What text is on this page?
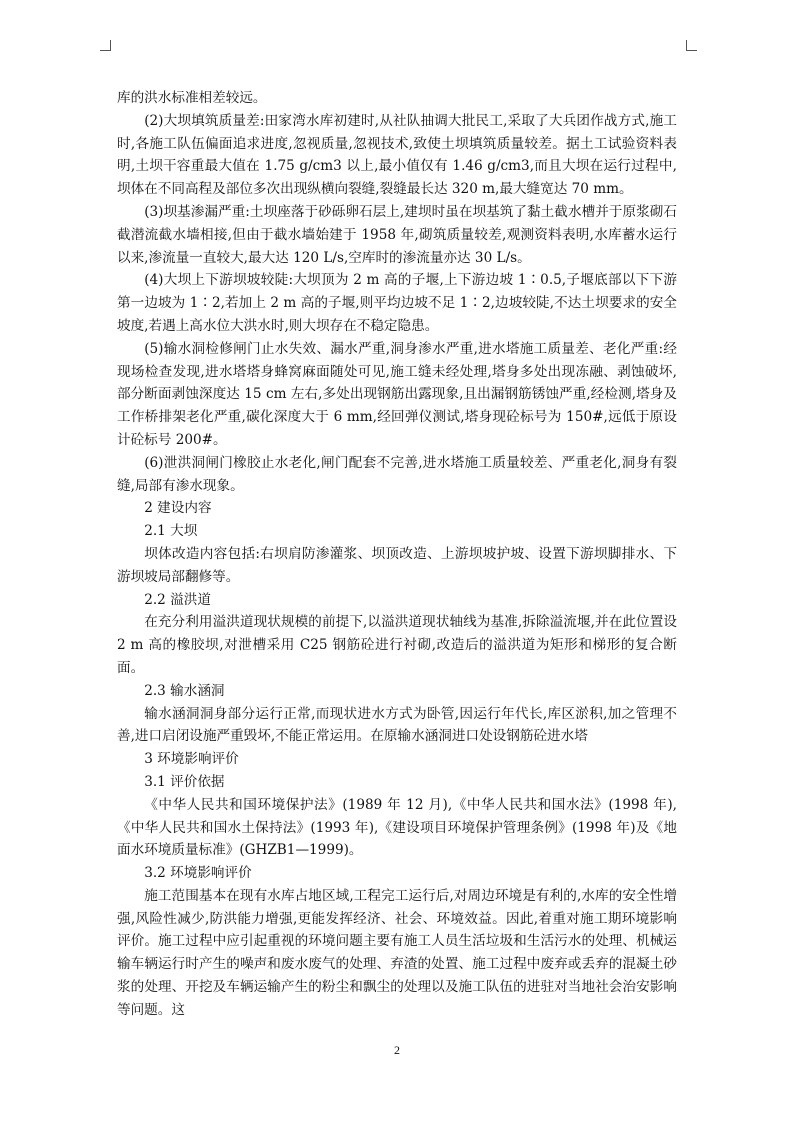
库的洪水标准相差较远。

(2)大坝填筑质量差:田家湾水库初建时,从社队抽调大批民工,采取了大兵团作战方式,施工时,各施工队伍偏面追求进度,忽视质量,忽视技术,致使土坝填筑质量较差。据土工试验资料表明,土坝干容重最大值在 1.75 g/cm3 以上,最小值仅有 1.46 g/cm3,而且大坝在运行过程中,坝体在不同高程及部位多次出现纵横向裂缝,裂缝最长达 320 m,最大缝宽达 70 mm。

(3)坝基渗漏严重:土坝座落于砂砾卵石层上,建坝时虽在坝基筑了黏土截水槽并于原浆砌石截潜流截水墙相接,但由于截水墙始建于 1958 年,砌筑质量较差,观测资料表明,水库蓄水运行以来,渗流量一直较大,最大达 120 L/s,空库时的渗流量亦达 30 L/s。

(4)大坝上下游坝坡较陡:大坝顶为 2 m 高的子堰,上下游边坡 1∶0.5,子堰底部以下下游第一边坡为 1∶2,若加上 2 m 高的子堰,则平均边坡不足 1∶2,边坡较陡,不达土坝要求的安全坡度,若遇上高水位大洪水时,则大坝存在不稳定隐患。

(5)输水洞检修闸门止水失效、漏水严重,洞身渗水严重,进水塔施工质量差、老化严重:经现场检查发现,进水塔塔身蜂窝麻面随处可见,施工缝未经处理,塔身多处出现冻融、剥蚀破坏,部分断面剥蚀深度达 15 cm 左右,多处出现钢筋出露现象,且出漏钢筋锈蚀严重,经检测,塔身及工作桥排架老化严重,碳化深度大于 6 mm,经回弹仪测试,塔身现砼标号为 150#,远低于原设计砼标号 200#。

(6)泄洪洞闸门橡胶止水老化,闸门配套不完善,进水塔施工质量较差、严重老化,洞身有裂缝,局部有渗水现象。

2 建设内容

2.1 大坝

坝体改造内容包括:右坝肩防渗灌浆、坝顶改造、上游坝坡护坡、设置下游坝脚排水、下游坝坡局部翻修等。

2.2 溢洪道

在充分利用溢洪道现状规模的前提下,以溢洪道现状轴线为基准,拆除溢流堰,并在此位置设 2 m 高的橡胶坝,对泄槽采用 C25 钢筋砼进行衬砌,改造后的溢洪道为矩形和梯形的复合断面。

2.3 输水涵洞

输水涵洞洞身部分运行正常,而现状进水方式为卧管,因运行年代长,库区淤积,加之管理不善,进口启闭设施严重毁坏,不能正常运用。在原输水涵洞进口处设钢筋砼进水塔

3 环境影响评价

3.1 评价依据

《中华人民共和国环境保护法》(1989 年 12 月),《中华人民共和国水法》(1998 年),《中华人民共和国水土保持法》(1993 年),《建设项目环境保护管理条例》(1998 年)及《地面水环境质量标准》(GHZB1—1999)。

3.2 环境影响评价

施工范围基本在现有水库占地区域,工程完工运行后,对周边环境是有利的,水库的安全性增强,风险性减少,防洪能力增强,更能发挥经济、社会、环境效益。因此,着重对施工期环境影响评价。施工过程中应引起重视的环境问题主要有施工人员生活垃圾和生活污水的处理、机械运输车辆运行时产生的噪声和废水废气的处理、弃渣的处置、施工过程中废弃或丢弃的混凝土砂浆的处理、开挖及车辆运输产生的粉尘和飘尘的处理以及施工队伍的进驻对当地社会治安影响等问题。这

2
